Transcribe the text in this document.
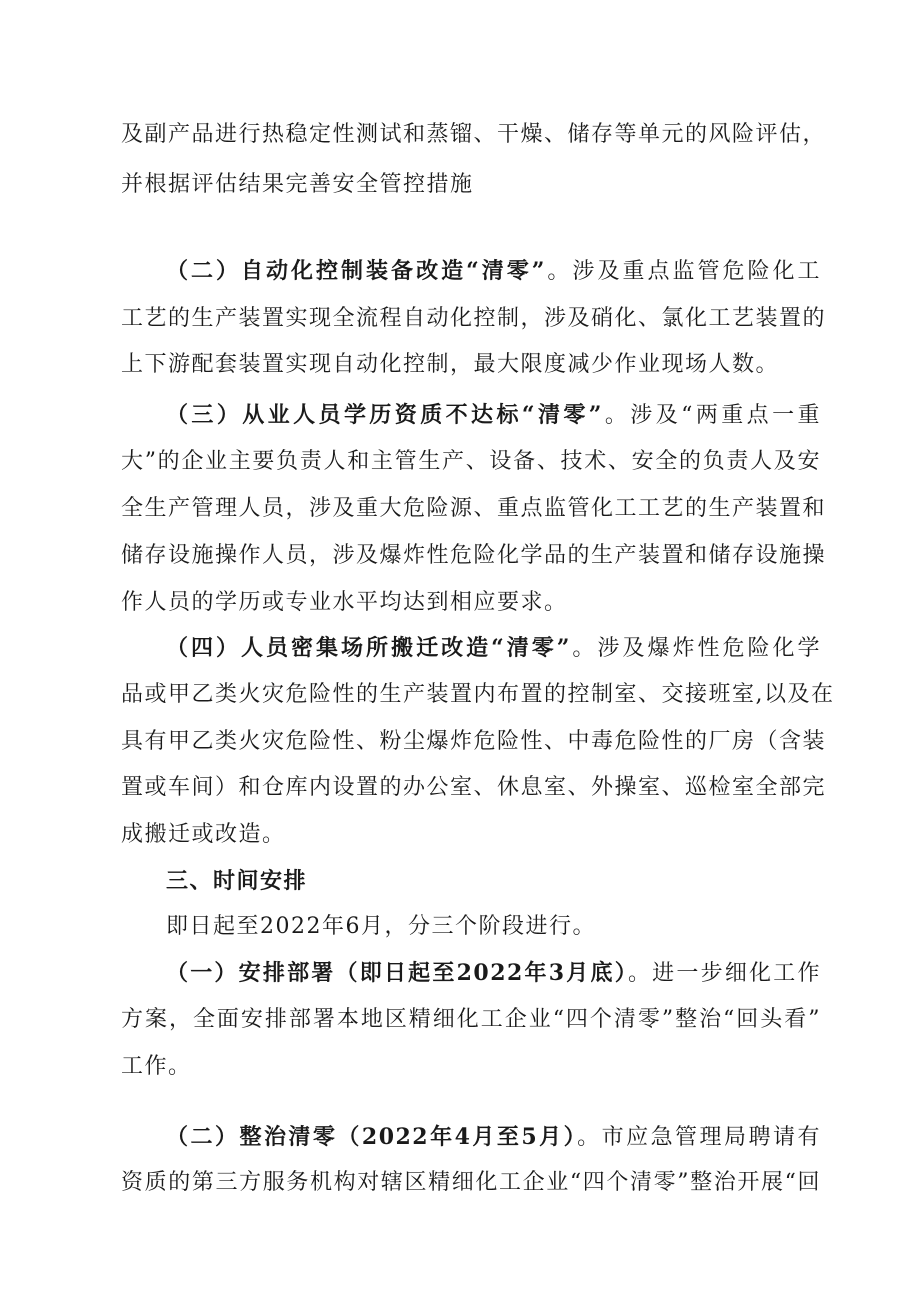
及副产品进行热稳定性测试和蒸镏、干燥、储存等单元的风险评估，
并根据评估结果完善安全管控措施
（二）自动化控制装备改造“清零”。涉及重点监管危险化工
工艺的生产装置实现全流程自动化控制，涉及硝化、氯化工艺装置的
上下游配套装置实现自动化控制，最大限度减少作业现场人数。
（三）从业人员学历资质不达标“清零”。涉及“两重点一重
大”的企业主要负责人和主管生产、设备、技术、安全的负责人及安
全生产管理人员，涉及重大危险源、重点监管化工工艺的生产装置和
储存设施操作人员，涉及爆炸性危险化学品的生产装置和储存设施操
作人员的学历或专业水平均达到相应要求。
（四）人员密集场所搬迁改造“清零”。涉及爆炸性危险化学
品或甲乙类火灾危险性的生产装置内布置的控制室、交接班室,以及在
具有甲乙类火灾危险性、粉尘爆炸危险性、中毒危险性的厂房（含装
置或车间）和仓库内设置的办公室、休息室、外操室、巡检室全部完
成搬迁或改造。
三、时间安排
即日起至2022年6月，分三个阶段进行。
（一）安排部署（即日起至2022年3月底）。进一步细化工作
方案，全面安排部署本地区精细化工企业“四个清零”整治“回头看”
工作。
（二）整治清零（2022年4月至5月）。市应急管理局聘请有
资质的第三方服务机构对辖区精细化工企业“四个清零”整治开展“回
